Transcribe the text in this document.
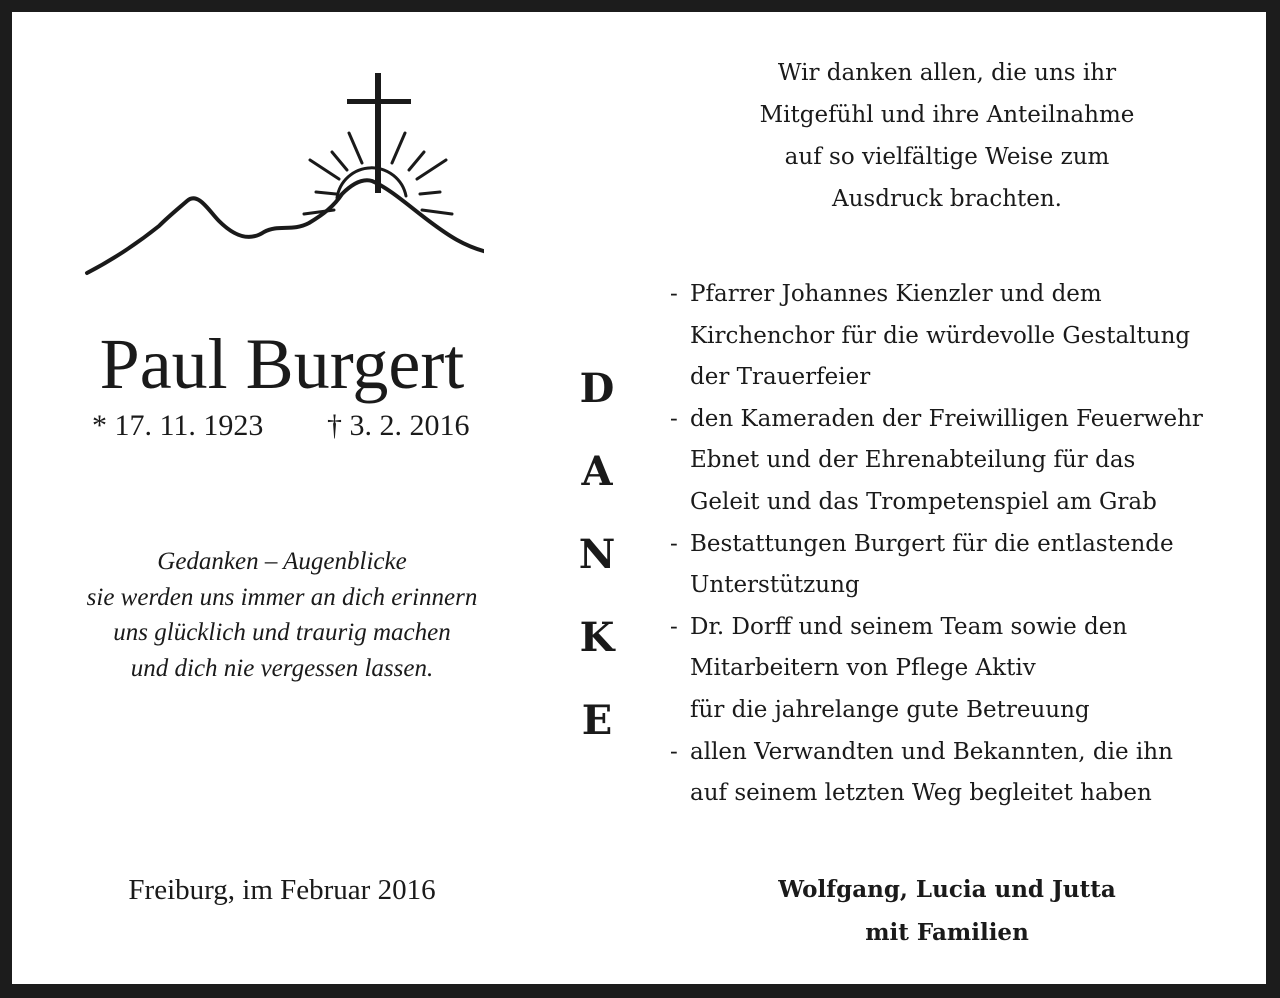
Paul Burgert
* 17. 11. 1923 † 3. 2. 2016
Gedanken – Augenblicke
sie werden uns immer an dich erinnern
uns glücklich und traurig machen
und dich nie vergessen lassen.
Freiburg, im Februar 2016
D
A
N
K
E
Wir danken allen, die uns ihr
Mitgefühl und ihre Anteilnahme
auf so vielfältige Weise zum
Ausdruck brachten.
- Pfarrer Johannes Kienzler und dem
Kirchenchor für die würdevolle Gestaltung
der Trauerfeier
- den Kameraden der Freiwilligen Feuerwehr
Ebnet und der Ehrenabteilung für das
Geleit und das Trompetenspiel am Grab
- Bestattungen Burgert für die entlastende
Unterstützung
- Dr. Dorff und seinem Team sowie den
Mitarbeitern von Pflege Aktiv
für die jahrelange gute Betreuung
- allen Verwandten und Bekannten, die ihn
auf seinem letzten Weg begleitet haben
Wolfgang, Lucia und Jutta
mit Familien
